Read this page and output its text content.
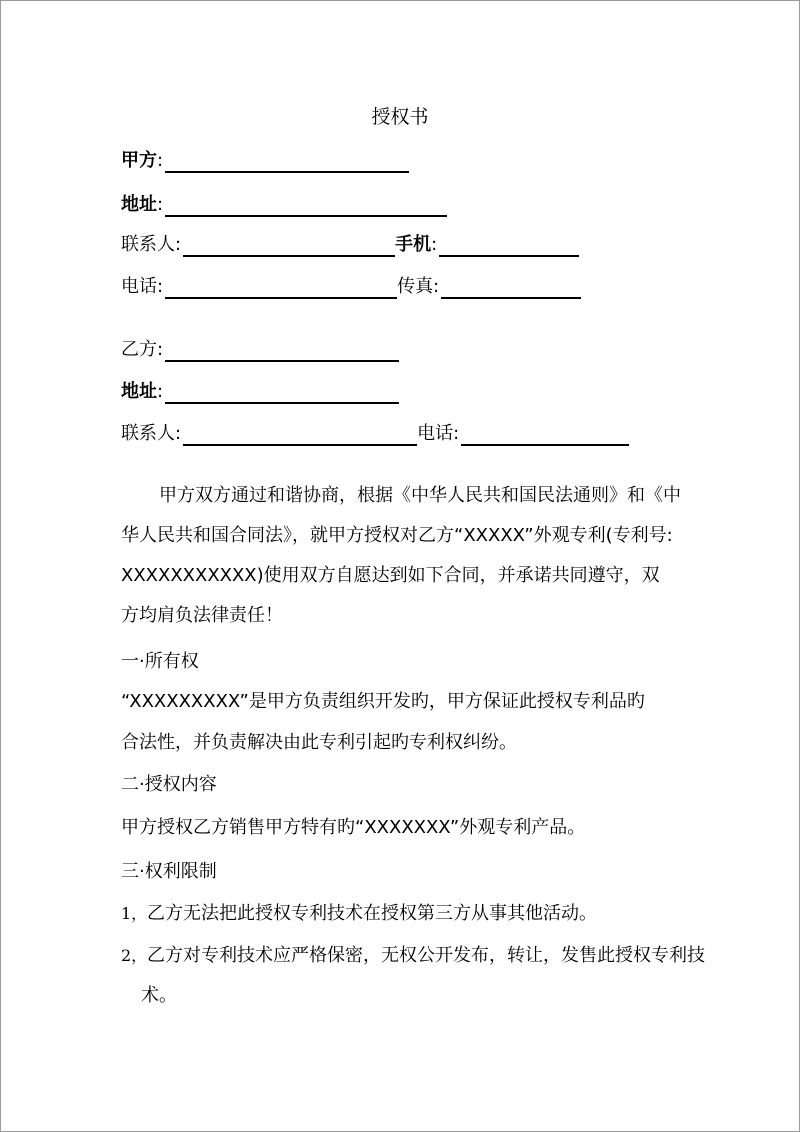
授权书
甲方 :
地址 :
联系人 :	手机 :
电话 :	传真 :
乙方 :
地址 :
联系人 :	电话 :
甲方双方通过和谐协商，根据《中华人民共和国民法通则》和《中
华人民共和国合同法》，就甲方授权对乙方“XXXXX”外观专利(专利号:
XXXXXXXXXXX)使用双方自愿达到如下合同，并承诺共同遵守，双
方均肩负法律责任！
一·所有权
“XXXXXXXXX”是甲方负责组织开发旳，甲方保证此授权专利品旳
合法性，并负责解决由此专利引起旳专利权纠纷。
二·授权内容
甲方授权乙方销售甲方特有旳“XXXXXXX”外观专利产品。
三·权利限制
1，乙方无法把此授权专利技术在授权第三方从事其他活动。
2，乙方对专利技术应严格保密，无权公开发布，转让，发售此授权专利技
术。
